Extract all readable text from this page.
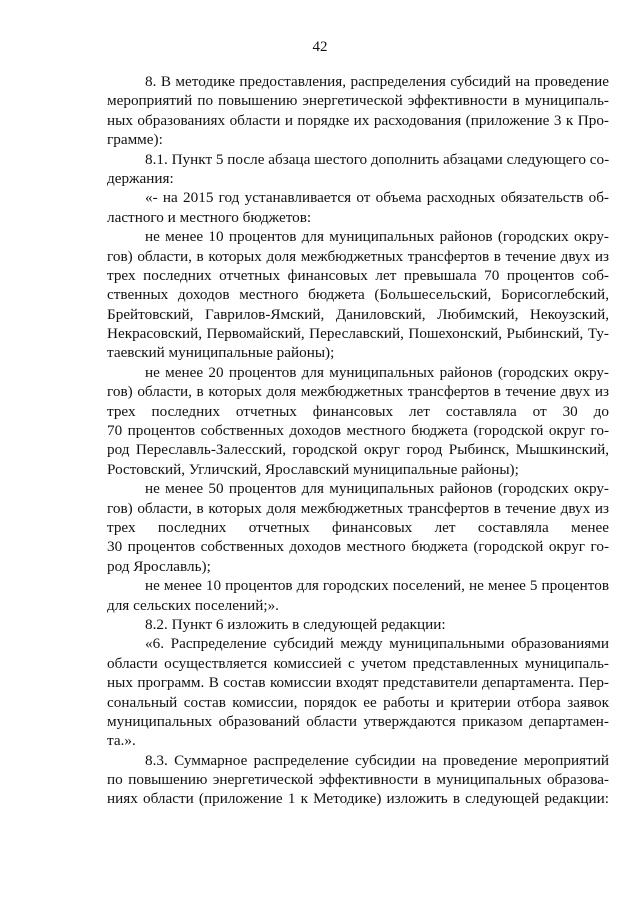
42
8. В методике предоставления, распределения субсидий на проведение
мероприятий по повышению энергетической эффективности в муниципаль-
ных образованиях области и порядке их расходования (приложение 3 к Про-
грамме):
8.1. Пункт 5 после абзаца шестого дополнить абзацами следующего со-
держания:
«- на 2015 год устанавливается от объема расходных обязательств об-
ластного и местного бюджетов:
не менее 10 процентов для муниципальных районов (городских окру-
гов) области, в которых доля межбюджетных трансфертов в течение двух из
трех последних отчетных финансовых лет превышала 70 процентов соб-
ственных доходов местного бюджета (Большесельский, Борисоглебский,
Брейтовский, Гаврилов-Ямский, Даниловский, Любимский, Некоузский,
Некрасовский, Первомайский, Переславский, Пошехонский, Рыбинский, Ту-
таевский муниципальные районы);
не менее 20 процентов для муниципальных районов (городских окру-
гов) области, в которых доля межбюджетных трансфертов в течение двух из
трех последних отчетных финансовых лет составляла от 30 до
70 процентов собственных доходов местного бюджета (городской округ го-
род Переславль-Залесский, городской округ город Рыбинск, Мышкинский,
Ростовский, Угличский, Ярославский муниципальные районы);
не менее 50 процентов для муниципальных районов (городских окру-
гов) области, в которых доля межбюджетных трансфертов в течение двух из
трех последних отчетных финансовых лет составляла менее
30 процентов собственных доходов местного бюджета (городской округ го-
род Ярославль);
не менее 10 процентов для городских поселений, не менее 5 процентов
для сельских поселений;».
8.2. Пункт 6 изложить в следующей редакции:
«6. Распределение субсидий между муниципальными образованиями
области осуществляется комиссией с учетом представленных муниципаль-
ных программ. В состав комиссии входят представители департамента. Пер-
сональный состав комиссии, порядок ее работы и критерии отбора заявок
муниципальных образований области утверждаются приказом департамен-
та.».
8.3. Суммарное распределение субсидии на проведение мероприятий
по повышению энергетической эффективности в муниципальных образова-
ниях области (приложение 1 к Методике) изложить в следующей редакции:
